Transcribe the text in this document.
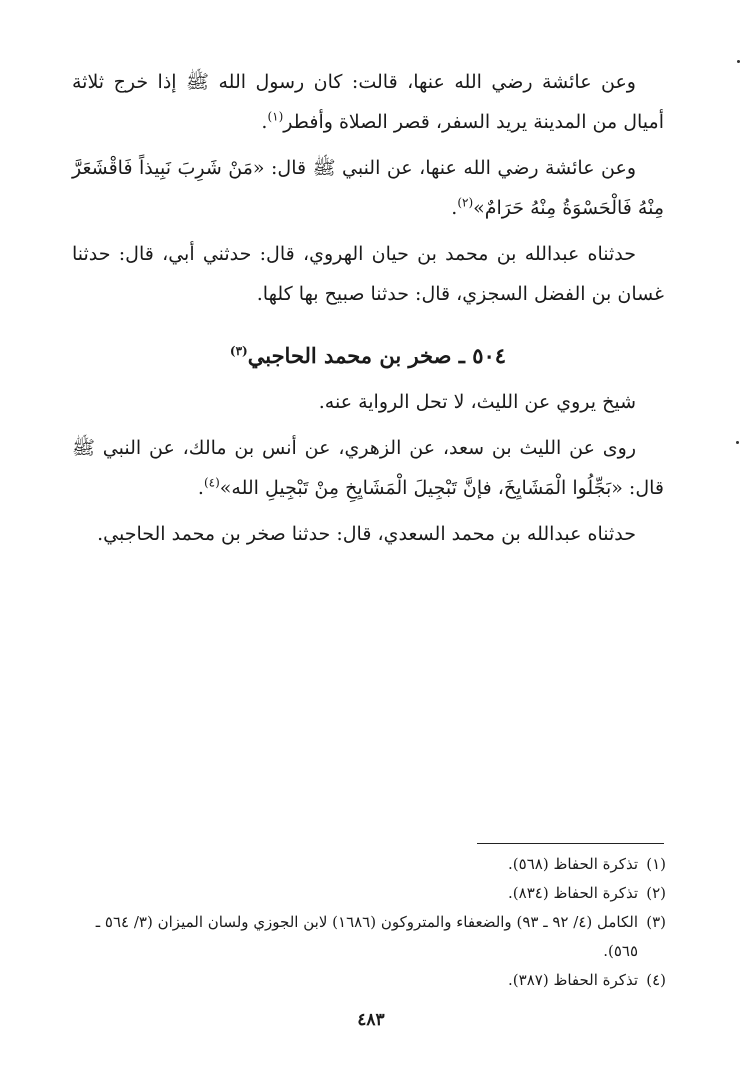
وعن عائشة رضي الله عنها، قالت: كان رسول الله ﷺ إذا خرج ثلاثة أميال من المدينة يريد السفر، قصر الصلاة وأفطر$^{(١)}$.

وعن عائشة رضي الله عنها، عن النبي ﷺ قال: «مَنْ شَرِبَ نَبِيذاً فَاقْشَعَرَّ مِنْهُ فَالْحَسْوَةُ مِنْهُ حَرَامٌ»$^{(٢)}$.

حدثناه عبدالله بن محمد بن حيان الهروي، قال: حدثني أبي، قال: حدثنا غسان بن الفضل السجزي، قال: حدثنا صبيح بها كلها.

٥٠٤ ـ صخر بن محمد الحاجبي$^{(٣)}$

شيخ يروي عن الليث، لا تحل الرواية عنه.

روى عن الليث بن سعد، عن الزهري، عن أنس بن مالك، عن النبي ﷺ قال: «بَجِّلُوا الْمَشَايِخَ، فإنَّ تَبْجِيلَ الْمَشَايِخِ مِنْ تَبْجِيلِ الله»$^{(٤)}$.

حدثناه عبدالله بن محمد السعدي، قال: حدثنا صخر بن محمد الحاجبي.

(١)
تذكرة الحفاظ (٥٦٨).

(٢)
تذكرة الحفاظ (٨٣٤).

(٣)
الكامل (٤/ ٩٢ ـ ٩٣) والضعفاء والمتروكون (١٦٨٦) لابن الجوزي ولسان الميزان (٣/ ٥٦٤ ـ ٥٦٥).

(٤)
تذكرة الحفاظ (٣٨٧).

٤٨٣
